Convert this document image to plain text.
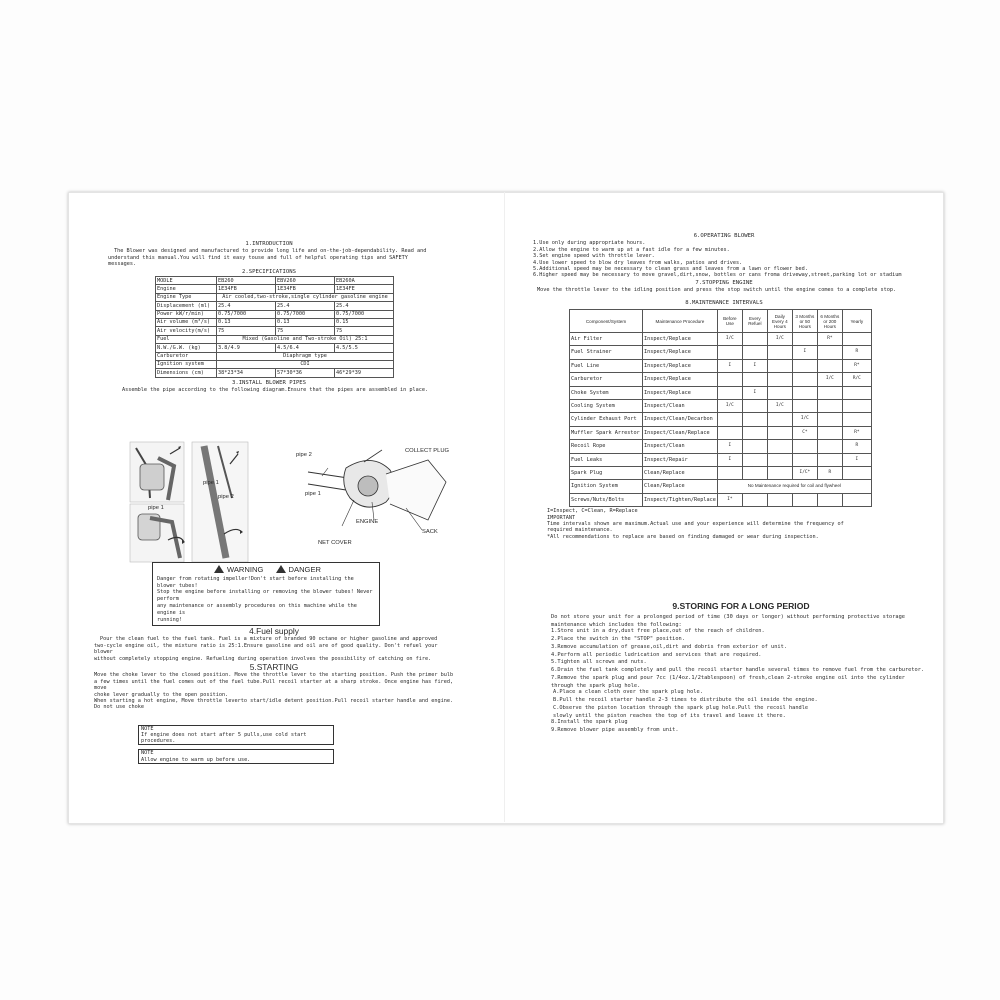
1.INTRODUCTION

The Blower was designed and manufactured to provide long life and on-the-job-dependability. Read and

understand this manual.You will find it easy touse and full of helpful operating tips and SAFETY messages.

2.SPECIFICATIONS
MODLE	EB260	EBV260	EB260A
Engine	1E34FB	1E34FB	1E34FE
Engine Type	Air cooled,two-stroke,single cylinder gasoline engine		
Displacement (ml)	25.4	25.4	25.4
Power kW/r/min)	0.75/7000	0.75/7000	0.75/7000
Air volume (m³/s)	0.13	0.13	0.15
Air velocity(m/s)	75	75	75
Fuel	Mixed (Gasoline and Two-stroke Oil) 25:1		
N.W./G.W. (kg)	3.8/4.9	4.5/6.4	4.5/5.5
Carburetor	Diaphragm type		
Ignition system	CDI		
Dimensions (cm)	38*23*34	57*30*36	46*29*39
3.INSTALL BLOWER PIPES

Assemble the pipe according to the following diagram.Ensure that the pipes are assembled in place.

pipe 2
COLLECT PLUG
pipe 1
ENGINE
SACK
NET COVER
pipe 1
pipe 2
pipe 1
WARNING	DANGER

Danger from rotating impeller!Don't start before installing the blower tubes!

Stop the engine before installing or removing the blower tubes! Never perform

any maintenance or assembly procedures on this machine while the engine is

running!

4.Fuel supply

Pour the clean fuel to the fuel tank. Fuel is a mixture of branded 90 octane or higher gasoline and approved

two-cycle engine oil, the mixture ratio is 25:1.Ensure gasoline and oil are of good quality. Don't refuel your blower

without completely stopping engine. Refueling during operation involves the possibility of catching on fire.

5.STARTING

Move the choke lever to the closed position. Move the throttle lever to the starting position. Push the primer bulb

a few times until the fuel comes out of the fuel tube.Pull recoil starter at a sharp stroke. Once engine has fired, move

choke lever gradually to the open position.

When starting a hot engine, Move throttle leverto start/idle detent position.Pull recoil starter handle and engine.

Do not use choke

NOTE
If engine does not start after 5 pulls,use cold start procedures.
NOTE
Allow engine to warm up before use.
6.OPERATING BLOWER

1.Use only during appropriate hours.

2.Allow the engine to warm up at a fast idle for a few minutes.

3.Set engine speed with throttle lever.

4.Use lower speed to blow dry leaves from walks, patios and drives.

5.Additional speed may be necessary to clean grass and leaves from a lawn or flower bed.

6.Higher speed may be necessary to move gravel,dirt,snow, bottles or cans froma driveway,street,parking lot or stadium

7.STOPPING ENGINE

Move the throttle lever to the idling position and press the stop switch until the engine comes to a complete stop.

8.MAINTENANCE INTERVALS
Component/System	Maintenance Procedure	Before Use	Every Refuel	Daily Every 4 Hours	3 Months or 50 Hours	6 Months or 200 Hours	Yearly
Air Filter	Inspect/Replace	I/C		I/C		R*	
Fuel Strainer	Inspect/Replace				I		R
Fuel Line	Inspect/Replace	I	I				R*
Carburetor	Inspect/Replace					I/C	R/C
Choke System	Inspect/Replace		I				
Cooling System	Inspect/Clean	I/C		I/C			
Cylinder Exhaust Port	Inspect/Clean/Decarbon				I/C		
Muffler Spark Arrestor	Inspect/Clean/Replace				C*		R*
Recoil Rope	Inspect/Clean	I					R
Fuel Leaks	Inspect/Repair	I					I
Spark Plug	Clean/Replace				I/C*	R	
Ignition System	Clean/Replace	No Maintenance required for coil and flywheel					
Screws/Nuts/Bolts	Inspect/Tighten/Replace	I*					

I=Inspect, C=Clean, R=Replace

IMPORTANT

Time intervals shown are maximum.Actual use and your experience will determine the frequency of

required maintenance.

*All recommendations to replace are based on finding damaged or wear during inspection.

9.STORING FOR A LONG PERIOD

Do not store your unit for a prolonged period of time (30 days or longer) without performing protective storage

maintenance which includes the following:

1.Store unit in a dry,dust free place,out of the reach of children.

2.Place the switch in the "STOP" position.

3.Remove accumulation of grease,oil,dirt and dobris from exterior of unit.

4.Perform all periodic ludrication and services that are required.

5.Tighten all screws and nuts.

6.Drain the fuel tank completely and pull the recoil starter handle several times to remove fuel from the carburetor.

7.Remove the spark plug and pour 7cc (1/4oz.1/2tablespoon) of fresh,clean 2-stroke engine oil into the cylinder

through the spark plug hole.

A.Place a clean cloth over the spark plug hole.

B.Pull the recoil starter handle 2-3 times to distribute the oil inside the engine.

C.Observe the piston location through the spark plug hole.Pull the recoil handle

slowly until the piston reaches the top of its travel and leave it there.

8.Install the spark plug

9.Remove blower pipe assembly from unit.
